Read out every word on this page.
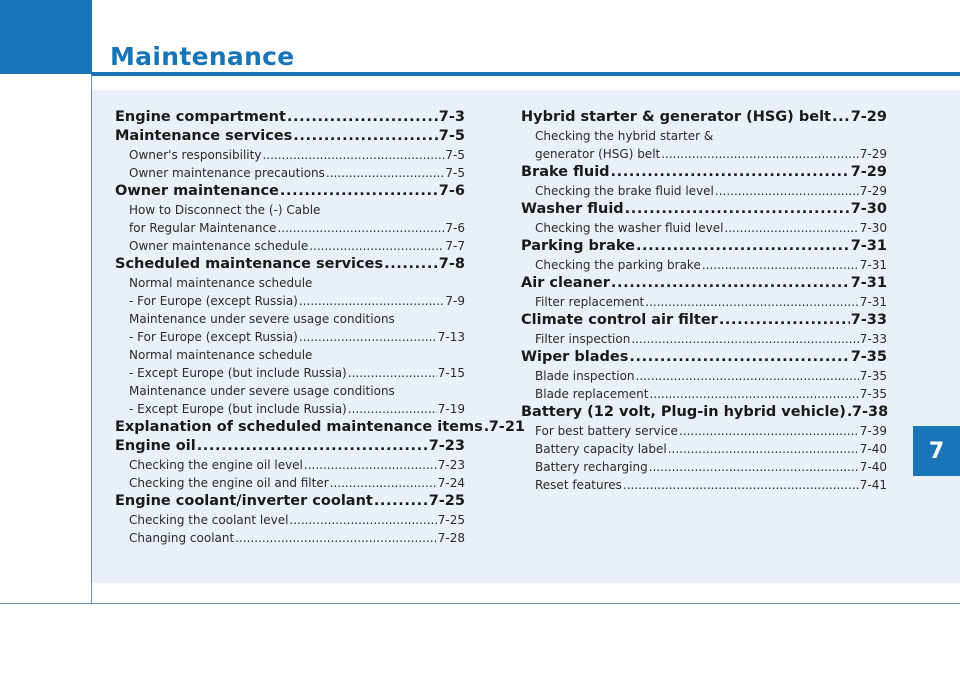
Maintenance
7
Engine compartment .....	7-3
Maintenance services .....	7-5
Owner's responsibility .....	7-5
Owner maintenance precautions .....	7-5
Owner maintenance .....	7-6
How to Disconnect the (-) Cable
for Regular Maintenance .....	7-6
Owner maintenance schedule .....	7-7
Scheduled maintenance services .....	7-8
Normal maintenance schedule
- For Europe (except Russia) .....	7-9
Maintenance under severe usage conditions
- For Europe (except Russia) .....	7-13
Normal maintenance schedule
- Except Europe (but include Russia) .....	7-15
Maintenance under severe usage conditions
- Except Europe (but include Russia) .....	7-19
Explanation of scheduled maintenance items ..... 7-21
Engine oil .....	7-23
Checking the engine oil level .....	7-23
Checking the engine oil and filter .....	7-24
Engine coolant/inverter coolant .....	7-25
Checking the coolant level .....	7-25
Changing coolant .....	7-28
Hybrid starter & generator (HSG) belt ..... 7-29
Checking the hybrid starter &
generator (HSG) belt .....	7-29
Brake fluid .....	7-29
Checking the brake fluid level .....	7-29
Washer fluid .....	7-30
Checking the washer fluid level .....	7-30
Parking brake .....	7-31
Checking the parking brake .....	7-31
Air cleaner .....	7-31
Filter replacement .....	7-31
Climate control air filter .....	7-33
Filter inspection .....	7-33
Wiper blades .....	7-35
Blade inspection .....	7-35
Blade replacement .....	7-35
Battery (12 volt, Plug-in hybrid vehicle) ..... 7-38
For best battery service .....	7-39
Battery capacity label .....	7-40
Battery recharging .....	7-40
Reset features .....	7-41
